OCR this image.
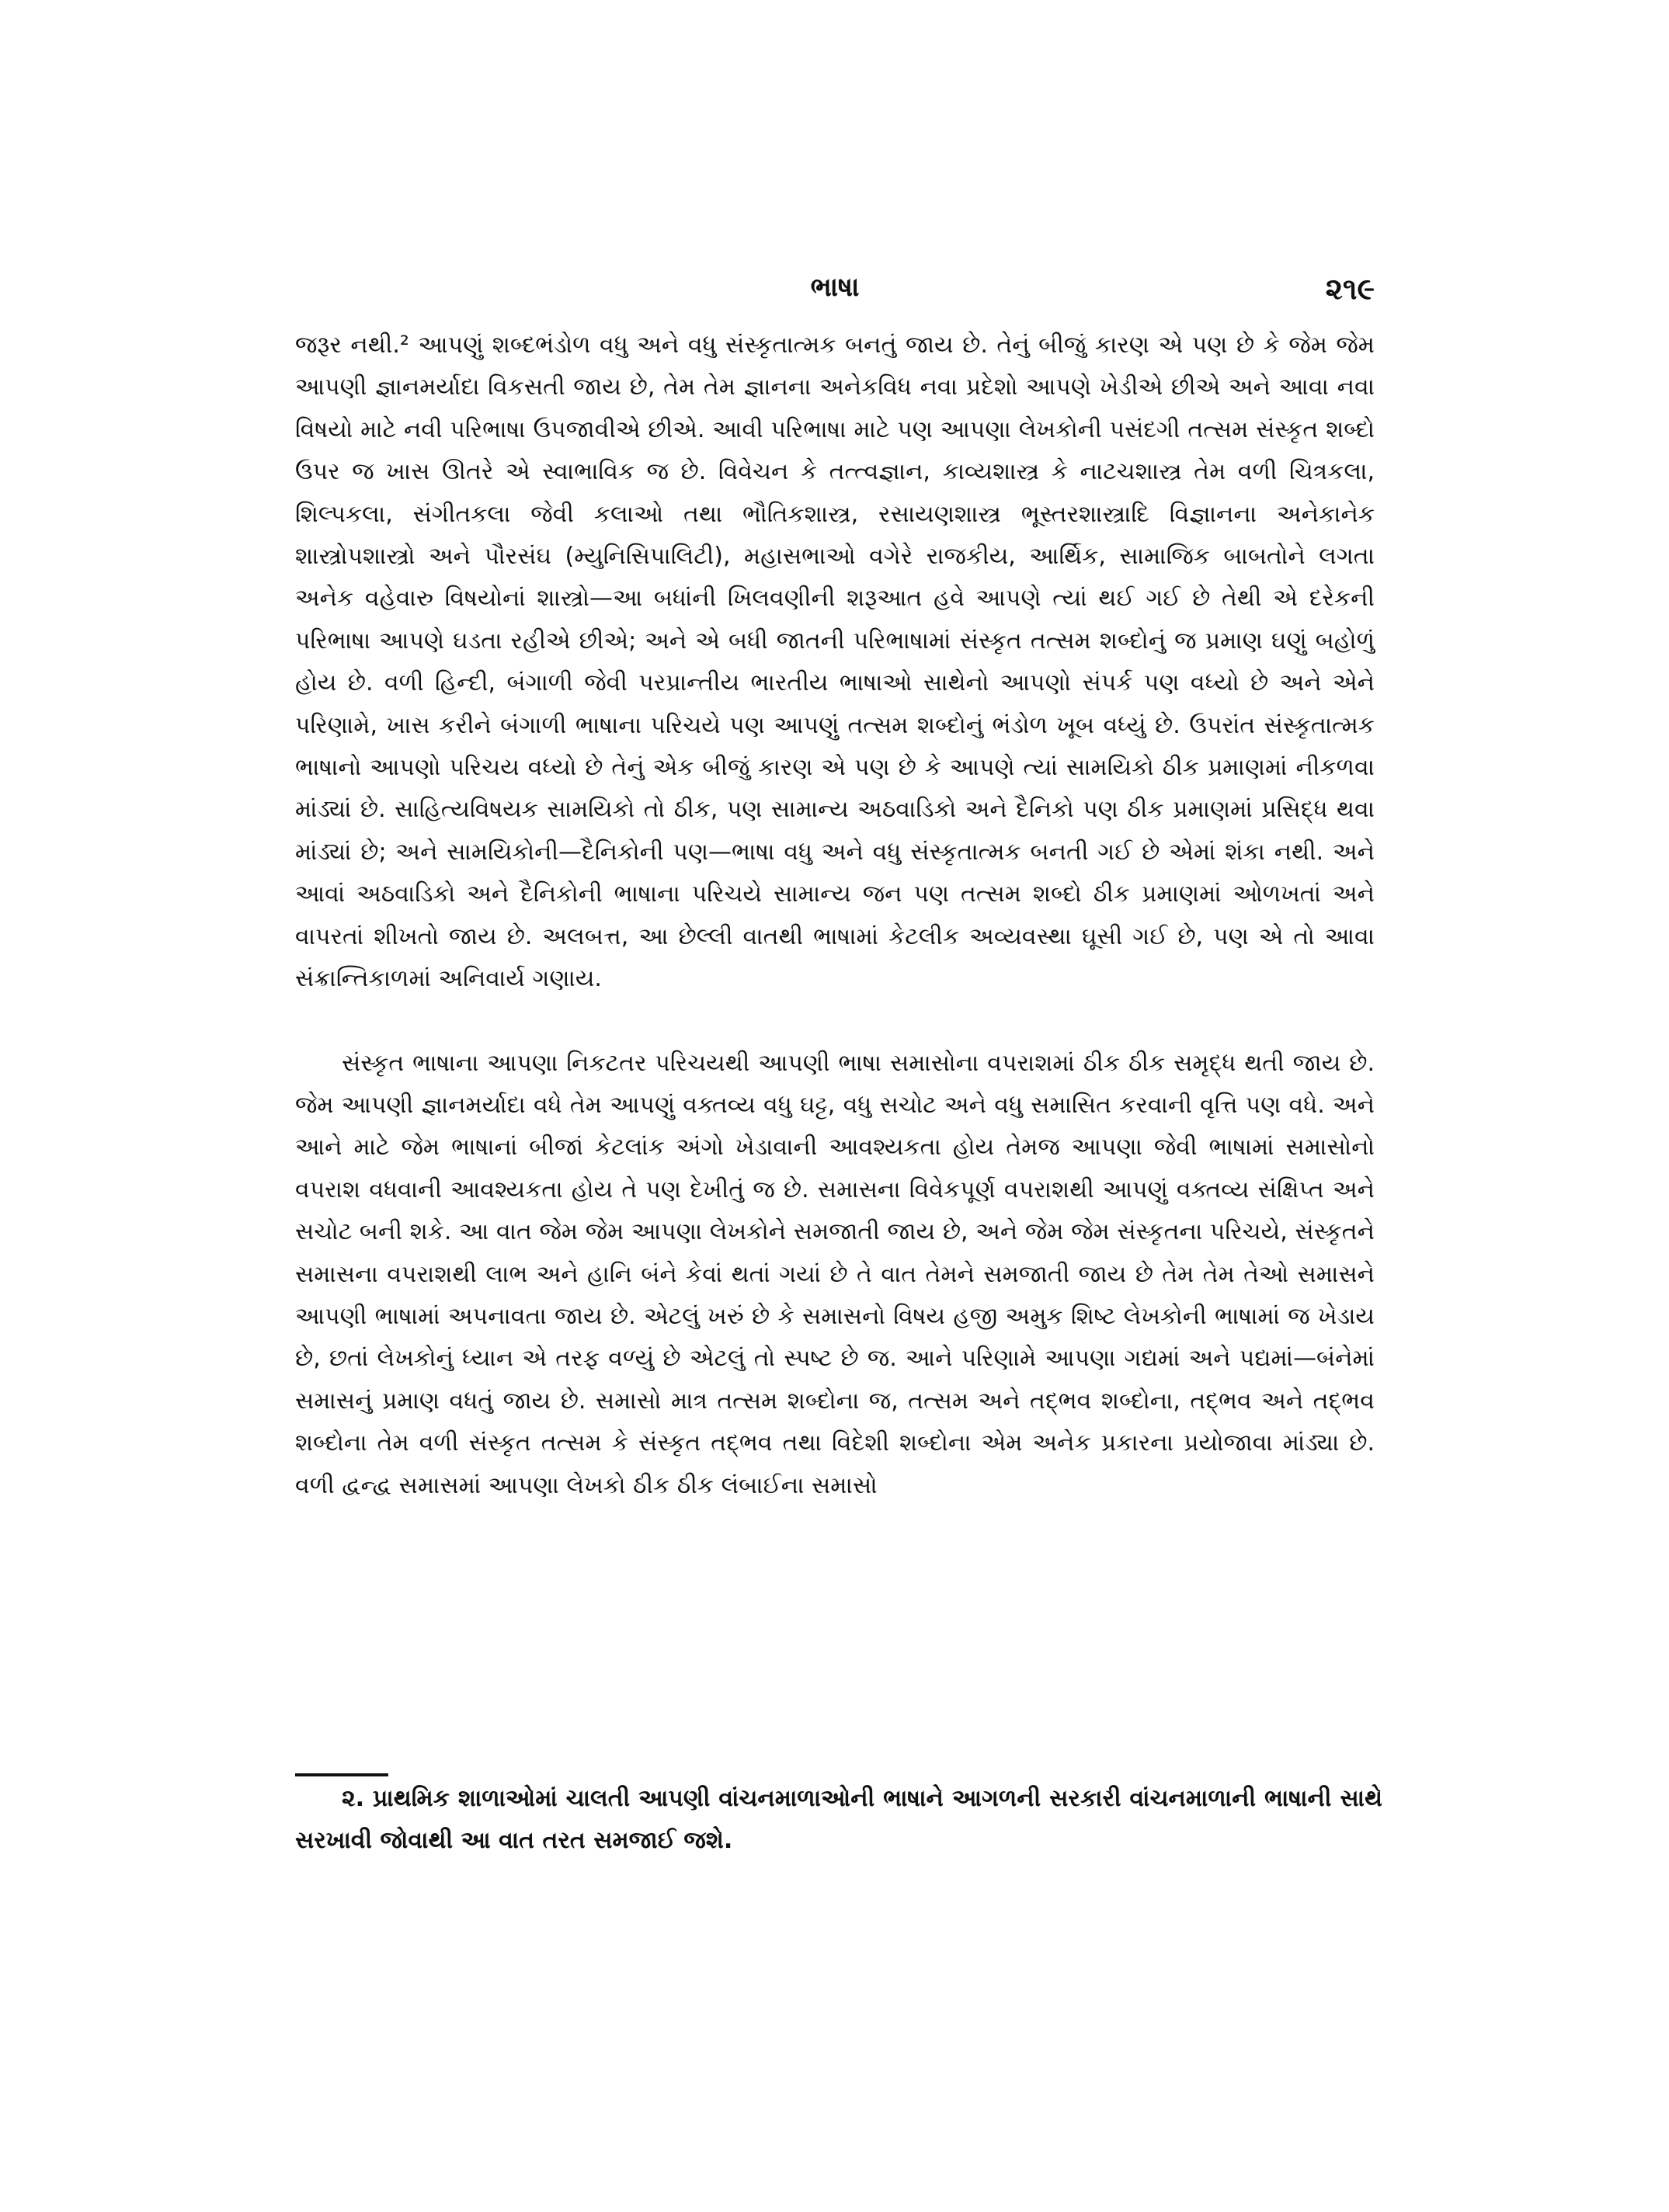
ભાષા	૨૧૯

જરૂર નથી.² આપણું શબ્દભંડોળ વધુ અને વધુ સંસ્કૃતાત્મક બનતું જાય છે. તેનું બીજું કારણ એ પણ છે કે જેમ જેમ આપણી જ્ઞાનમર્યાદા વિકસતી જાય છે, તેમ તેમ જ્ઞાનના અનેકવિધ નવા પ્રદેશો આપણે ખેડીએ છીએ અને આવા નવા વિષયો માટે નવી પરિભાષા ઉપજાવીએ છીએ. આવી પરિભાષા માટે પણ આપણા લેખકોની પસંદગી તત્સમ સંસ્કૃત શબ્દો ઉપર જ ખાસ ઊતરે એ સ્વાભાવિક જ છે. વિવેચન કે તત્ત્વજ્ઞાન, કાવ્યશાસ્ત્ર કે નાટચશાસ્ત્ર તેમ વળી ચિત્રકલા, શિલ્પકલા, સંગીતકલા જેવી કલાઓ તથા ભૌતિકશાસ્ત્ર, રસાયણશાસ્ત્ર ભૂસ્તરશાસ્ત્રાદિ વિજ્ઞાનના અનેકાનેક શાસ્ત્રોપશાસ્ત્રો અને પૌરસંઘ (મ્યુનિસિપાલિટી), મહાસભાઓ વગેરે રાજકીય, આર્થિક, સામાજિક બાબતોને લગતા અનેક વહેવારુ વિષયોનાં શાસ્ત્રો—આ બધાંની ખિલવણીની શરૂઆત હવે આપણે ત્યાં થઈ ગઈ છે તેથી એ દરેકની પરિભાષા આપણે ઘડતા રહીએ છીએ; અને એ બધી જાતની પરિભાષામાં સંસ્કૃત તત્સમ શબ્દોનું જ પ્રમાણ ઘણું બહોળું હોય છે. વળી હિન્દી, બંગાળી જેવી પરપ્રાન્તીય ભારતીય ભાષાઓ સાથેનો આપણો સંપર્ક પણ વધ્યો છે અને એને પરિણામે, ખાસ કરીને બંગાળી ભાષાના પરિચયે પણ આપણું તત્સમ શબ્દોનું ભંડોળ ખૂબ વધ્યું છે. ઉપરાંત સંસ્કૃતાત્મક ભાષાનો આપણો પરિચય વધ્યો છે તેનું એક બીજું કારણ એ પણ છે કે આપણે ત્યાં સામયિકો ઠીક પ્રમાણમાં નીકળવા માંડ્યાં છે. સાહિત્યવિષયક સામયિકો તો ઠીક, પણ સામાન્ય અઠવાડિકો અને દૈનિકો પણ ઠીક પ્રમાણમાં પ્રસિદ્ધ થવા માંડ્યાં છે; અને સામયિકોની—દૈનિકોની પણ—ભાષા વધુ અને વધુ સંસ્કૃતાત્મક બનતી ગઈ છે એમાં શંકા નથી. અને આવાં અઠવાડિકો અને દૈનિકોની ભાષાના પરિચયે સામાન્ય જન પણ તત્સમ શબ્દો ઠીક પ્રમાણમાં ઓળખતાં અને વાપરતાં શીખતો જાય છે. અલબત્ત, આ છેલ્લી વાતથી ભાષામાં કેટલીક અવ્યવસ્થા ઘૂસી ગઈ છે, પણ એ તો આવા સંક્રાન્તિકાળમાં અનિવાર્ય ગણાય.

સંસ્કૃત ભાષાના આપણા નિકટતર પરિચયથી આપણી ભાષા સમાસોના વપરાશમાં ઠીક ઠીક સમૃદ્ધ થતી જાય છે. જેમ આપણી જ્ઞાનમર્યાદા વધે તેમ આપણું વક્તવ્ય વધુ ઘટ્ટ, વધુ સચોટ અને વધુ સમાસિત કરવાની વૃત્તિ પણ વધે. અને આને માટે જેમ ભાષાનાં બીજાં કેટલાંક અંગો ખેડાવાની આવશ્યકતા હોય તેમજ આપણા જેવી ભાષામાં સમાસોનો વપરાશ વધવાની આવશ્યકતા હોય તે પણ દેખીતું જ છે. સમાસના વિવેકપૂર્ણ વપરાશથી આપણું વક્તવ્ય સંક્ષિપ્ત અને સચોટ બની શકે. આ વાત જેમ જેમ આપણા લેખકોને સમજાતી જાય છે, અને જેમ જેમ સંસ્કૃતના પરિચયે, સંસ્કૃતને સમાસના વપરાશથી લાભ અને હાનિ બંને કેવાં થતાં ગયાં છે તે વાત તેમને સમજાતી જાય છે તેમ તેમ તેઓ સમાસને આપણી ભાષામાં અપનાવતા જાય છે. એટલું ખરું છે કે સમાસનો વિષય હજી અમુક શિષ્ટ લેખકોની ભાષામાં જ ખેડાય છે, છતાં લેખકોનું ધ્યાન એ તરફ વળ્યું છે એટલું તો સ્પષ્ટ છે જ. આને પરિણામે આપણા ગદ્યમાં અને પદ્યમાં—બંનેમાં સમાસનું પ્રમાણ વધતું જાય છે. સમાસો માત્ર તત્સમ શબ્દોના જ, તત્સમ અને તદ્ભવ શબ્દોના, તદ્ભવ અને તદ્ભવ શબ્દોના તેમ વળી સંસ્કૃત તત્સમ કે સંસ્કૃત તદ્ભવ તથા વિદેશી શબ્દોના એમ અનેક પ્રકારના પ્રયોજાવા માંડ્યા છે. વળી દ્વન્દ્વ સમાસમાં આપણા લેખકો ઠીક ઠીક લંબાઈના સમાસો

૨. પ્રાથમિક શાળાઓમાં ચાલતી આપણી વાંચનમાળાઓની ભાષાને આગળની સરકારી વાંચનમાળાની ભાષાની સાથે સરખાવી જોવાથી આ વાત તરત સમજાઈ જશે.
